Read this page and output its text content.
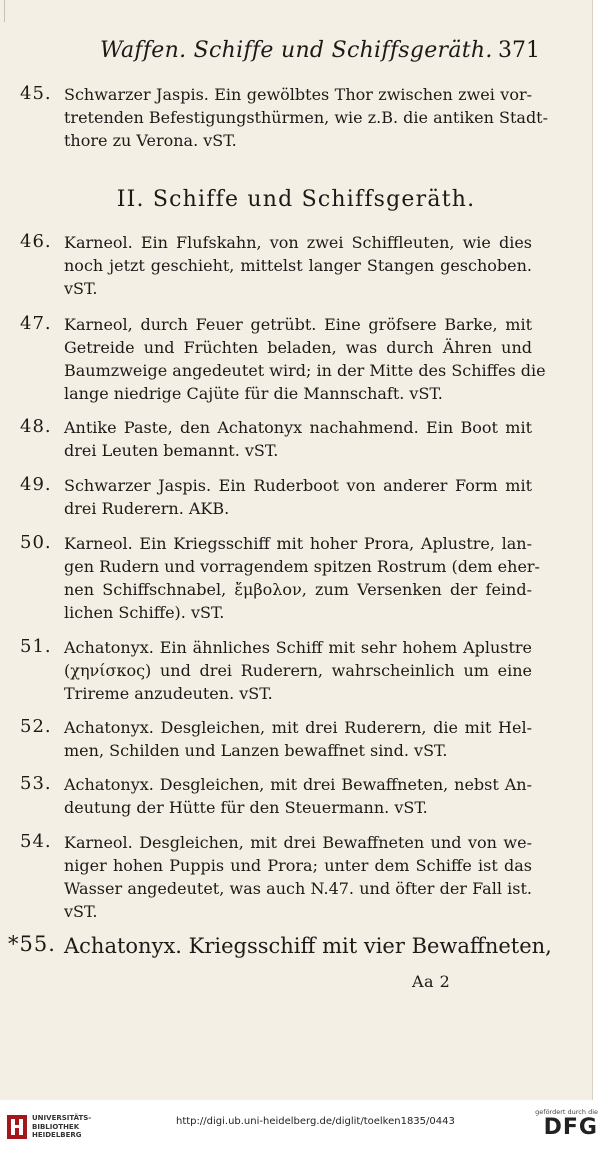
Waffen. Schiffe und Schiffsgeräth. 371
45. Schwarzer Jaspis. Ein gewölbtes Thor zwischen zwei vor-
tretenden Befestigungsthürmen, wie z.B. die antiken Stadt-
thore zu Verona. vST.
II. Schiffe und Schiffsgeräth.
46. Karneol. Ein Flufskahn, von zwei Schiffleuten, wie dies
noch jetzt geschieht, mittelst langer Stangen geschoben.
vST.
47. Karneol, durch Feuer getrübt. Eine gröfsere Barke, mit
Getreide und Früchten beladen, was durch Ähren und
Baumzweige angedeutet wird; in der Mitte des Schiffes die
lange niedrige Cajüte für die Mannschaft. vST.
48. Antike Paste, den Achatonyx nachahmend. Ein Boot mit
drei Leuten bemannt. vST.
49. Schwarzer Jaspis. Ein Ruderboot von anderer Form mit
drei Ruderern. AKB.
50. Karneol. Ein Kriegsschiff mit hoher Prora, Aplustre, lan-
gen Rudern und vorragendem spitzen Rostrum (dem eher-
nen Schiffschnabel, ἔμβολον, zum Versenken der feind-
lichen Schiffe). vST.
51. Achatonyx. Ein ähnliches Schiff mit sehr hohem Aplustre
(χηνίσκος) und drei Ruderern, wahrscheinlich um eine
Trireme anzudeuten. vST.
52. Achatonyx. Desgleichen, mit drei Ruderern, die mit Hel-
men, Schilden und Lanzen bewaffnet sind. vST.
53. Achatonyx. Desgleichen, mit drei Bewaffneten, nebst An-
deutung der Hütte für den Steuermann. vST.
54. Karneol. Desgleichen, mit drei Bewaffneten und von we-
niger hohen Puppis und Prora; unter dem Schiffe ist das
Wasser angedeutet, was auch N.47. und öfter der Fall ist.
vST.
*55. Achatonyx. Kriegsschiff mit vier Bewaffneten,
Aa 2
UNIVERSITÄTS-
BIBLIOTHEK
HEIDELBERG
http://digi.ub.uni-heidelberg.de/diglit/toelken1835/0443
gefördert durch die
DFG
